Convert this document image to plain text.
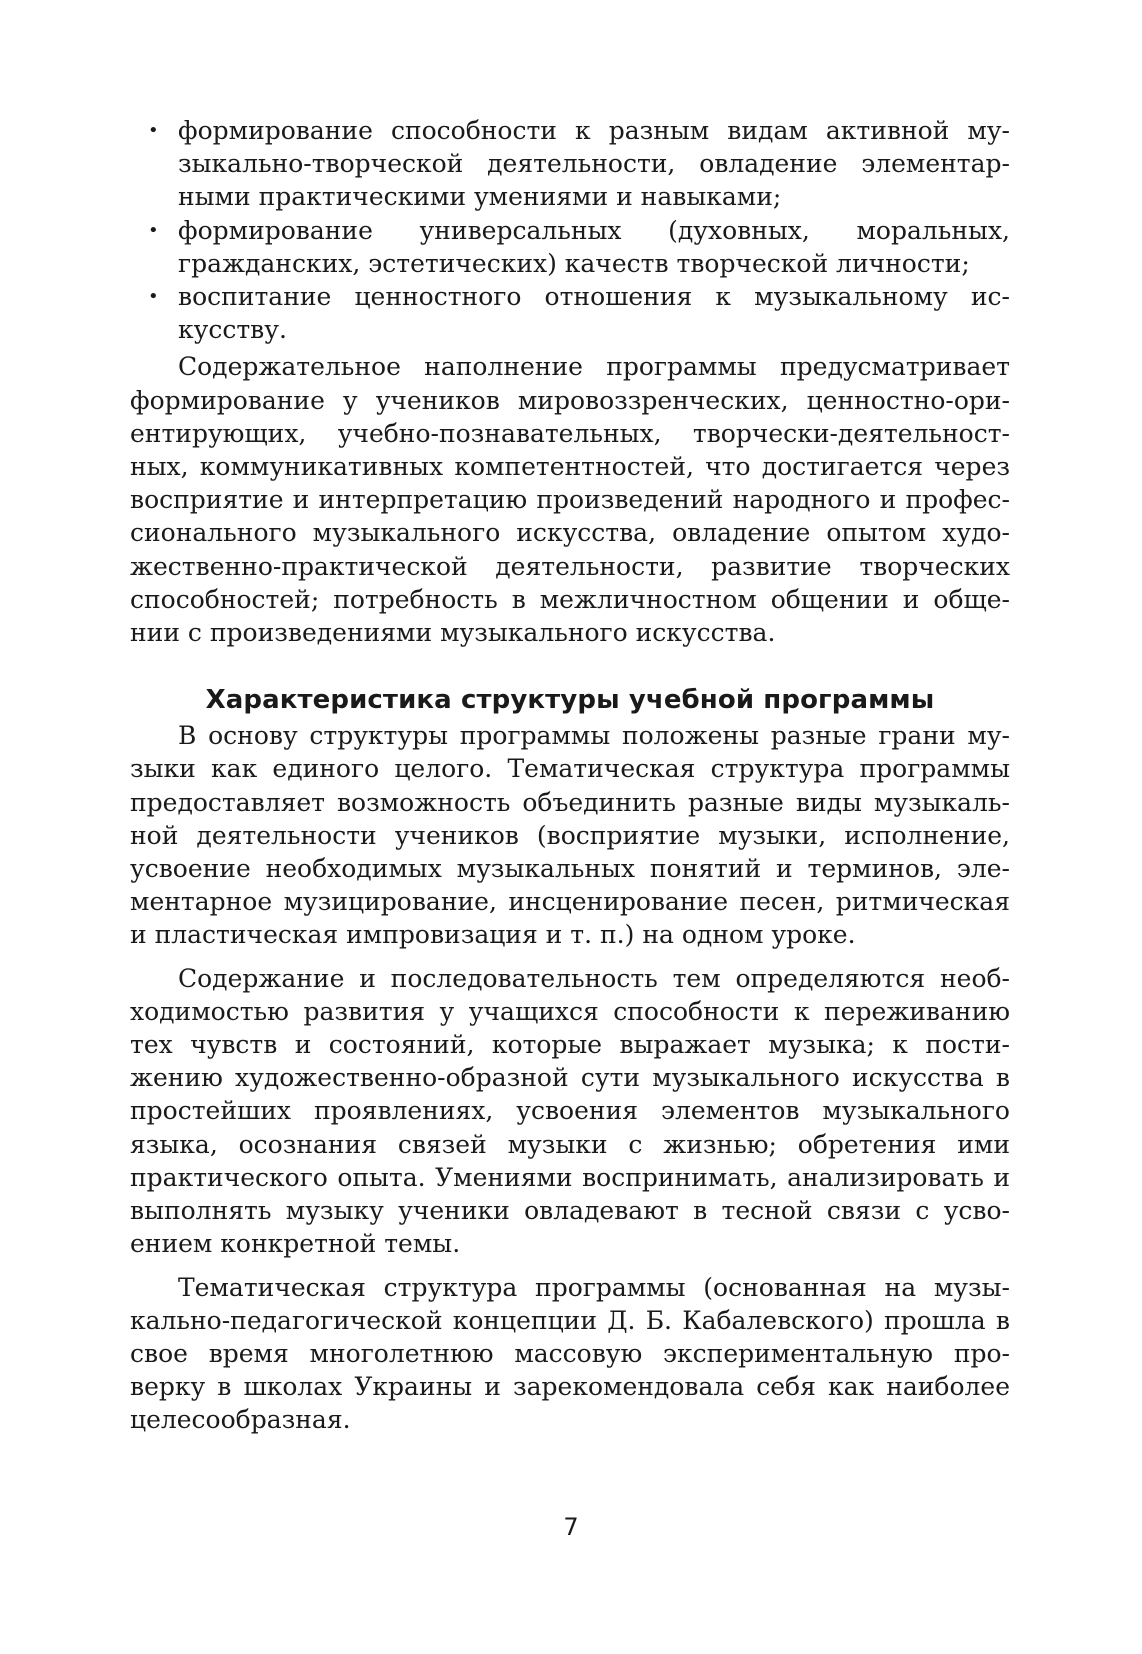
• формирование способности к разным видам активной музыкально-творческой деятельности, овладение элементарными практическими умениями и навыками;
• формирование универсальных (духовных, моральных, гражданских, эстетических) качеств творческой личности;
• воспитание ценностного отношения к музыкальному искусству.

Содержательное наполнение программы предусматривает формирование у учеников мировоззренческих, ценностно-ориентирующих, учебно-познавательных, творчески-деятельностных, коммуникативных компетентностей, что достигается через восприятие и интерпретацию произведений народного и профессионального музыкального искусства, овладение опытом художественно-практической деятельности, развитие творческих способностей; потребность в межличностном общении и общении с произведениями музыкального искусства.

Характеристика структуры учебной программы

В основу структуры программы положены разные грани музыки как единого целого. Тематическая структура программы предоставляет возможность объединить разные виды музыкальной деятельности учеников (восприятие музыки, исполнение, усвоение необходимых музыкальных понятий и терминов, элементарное музицирование, инсценирование песен, ритмическая и пластическая импровизация и т. п.) на одном уроке.

Содержание и последовательность тем определяются необходимостью развития у учащихся способности к переживанию тех чувств и состояний, которые выражает музыка; к постижению художественно-образной сути музыкального искусства в простейших проявлениях, усвоения элементов музыкального языка, осознания связей музыки с жизнью; обретения ими практического опыта. Умениями воспринимать, анализировать и выполнять музыку ученики овладевают в тесной связи с усвоением конкретной темы.

Тематическая структура программы (основанная на музыкально-педагогической концепции Д. Б. Кабалевского) прошла в свое время многолетнюю массовую экспериментальную проверку в школах Украины и зарекомендовала себя как наиболее целесообразная.

7
